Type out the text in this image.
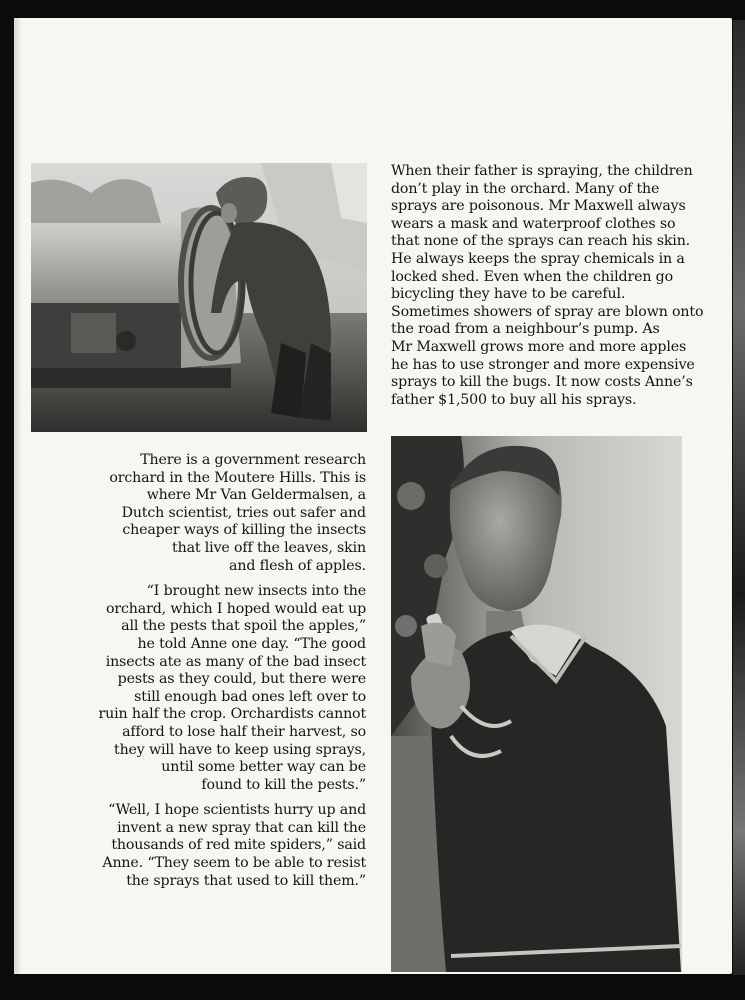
When their father is spraying, the children
don’t play in the orchard. Many of the
sprays are poisonous. Mr Maxwell always
wears a mask and waterproof clothes so
that none of the sprays can reach his skin.
He always keeps the spray chemicals in a
locked shed. Even when the children go
bicycling they have to be careful.
Sometimes showers of spray are blown onto
the road from a neighbour’s pump. As
Mr Maxwell grows more and more apples
he has to use stronger and more expensive
sprays to kill the bugs. It now costs Anne’s
father $1,500 to buy all his sprays.
There is a government research
orchard in the Moutere Hills. This is
where Mr Van Geldermalsen, a
Dutch scientist, tries out safer and
cheaper ways of killing the insects
that live off the leaves, skin
and flesh of apples.
“I brought new insects into the
orchard, which I hoped would eat up
all the pests that spoil the apples,”
he told Anne one day. “The good
insects ate as many of the bad insect
pests as they could, but there were
still enough bad ones left over to
ruin half the crop. Orchardists cannot
afford to lose half their harvest, so
they will have to keep using sprays,
until some better way can be
found to kill the pests.”
“Well, I hope scientists hurry up and
invent a new spray that can kill the
thousands of red mite spiders,” said
Anne. “They seem to be able to resist
the sprays that used to kill them.”
